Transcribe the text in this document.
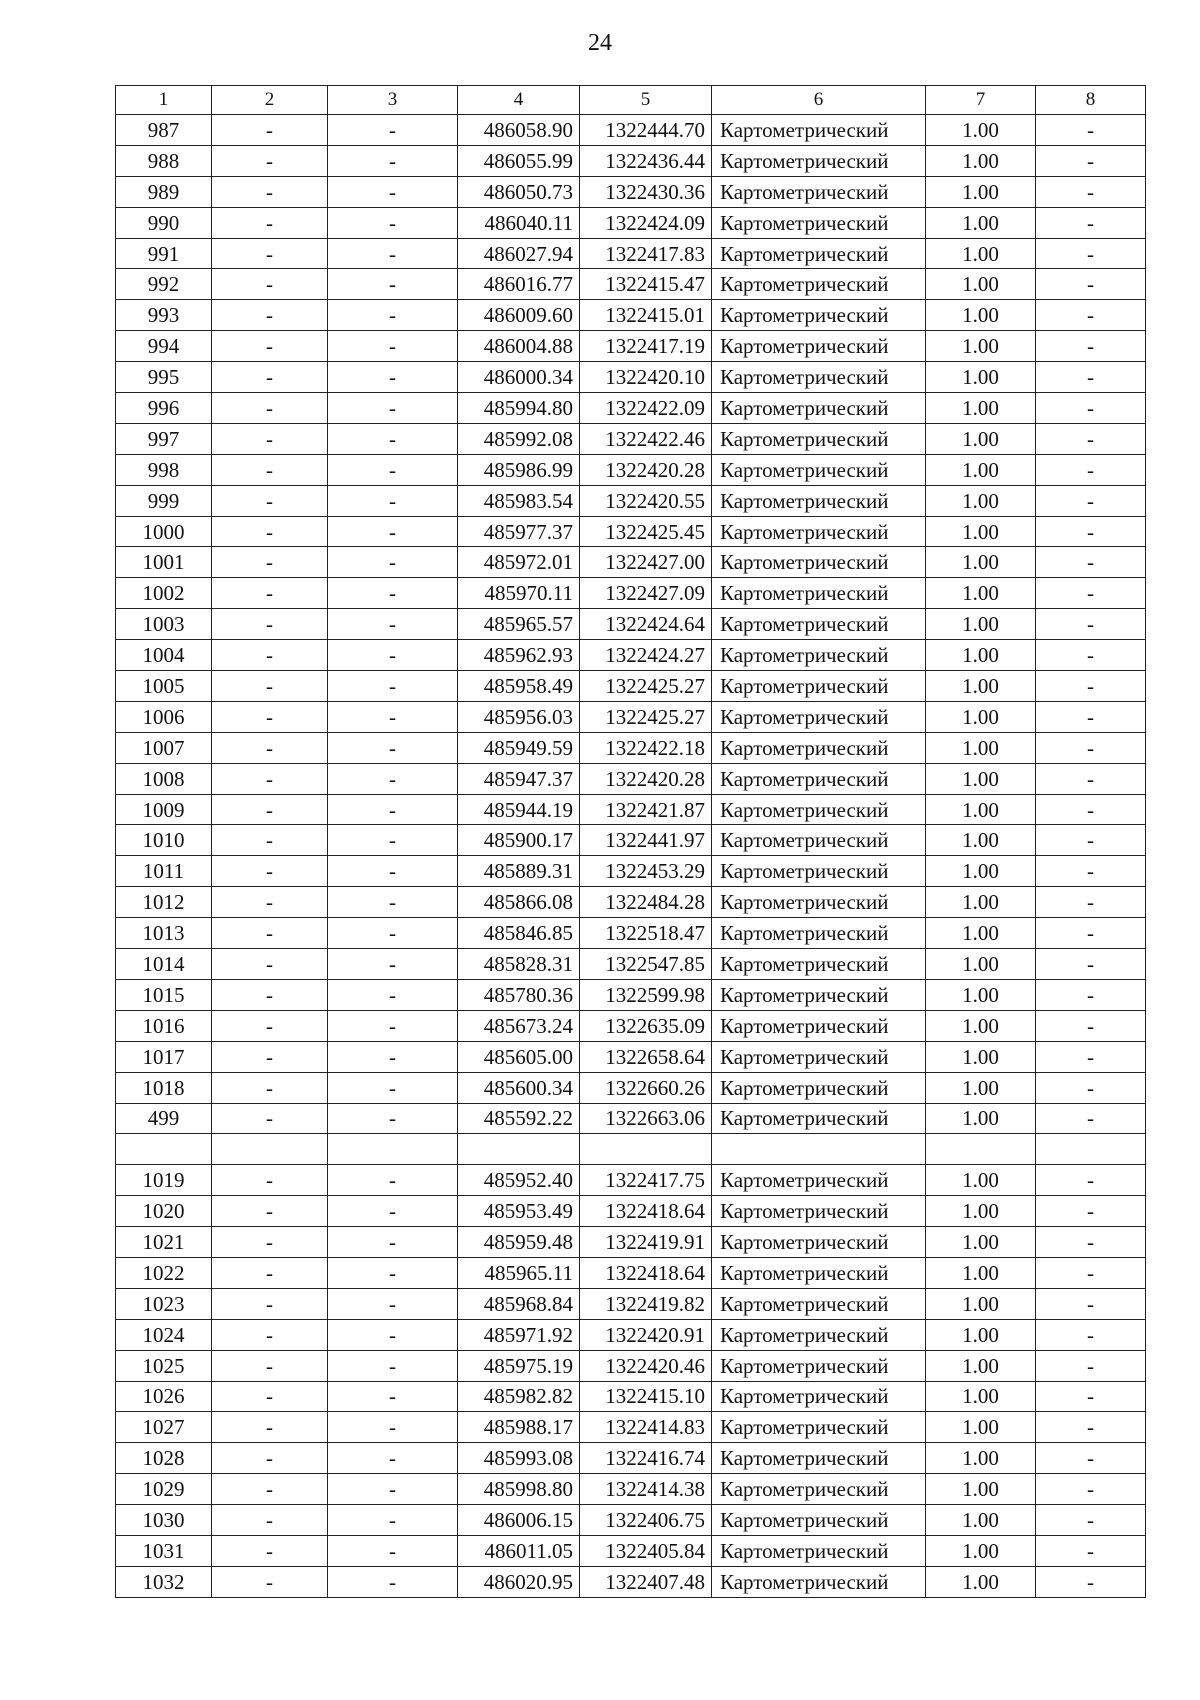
24
1	2	3	4	5	6	7	8
987	-	-	486058.90	1322444.70	Картометрический	1.00	-
988	-	-	486055.99	1322436.44	Картометрический	1.00	-
989	-	-	486050.73	1322430.36	Картометрический	1.00	-
990	-	-	486040.11	1322424.09	Картометрический	1.00	-
991	-	-	486027.94	1322417.83	Картометрический	1.00	-
992	-	-	486016.77	1322415.47	Картометрический	1.00	-
993	-	-	486009.60	1322415.01	Картометрический	1.00	-
994	-	-	486004.88	1322417.19	Картометрический	1.00	-
995	-	-	486000.34	1322420.10	Картометрический	1.00	-
996	-	-	485994.80	1322422.09	Картометрический	1.00	-
997	-	-	485992.08	1322422.46	Картометрический	1.00	-
998	-	-	485986.99	1322420.28	Картометрический	1.00	-
999	-	-	485983.54	1322420.55	Картометрический	1.00	-
1000	-	-	485977.37	1322425.45	Картометрический	1.00	-
1001	-	-	485972.01	1322427.00	Картометрический	1.00	-
1002	-	-	485970.11	1322427.09	Картометрический	1.00	-
1003	-	-	485965.57	1322424.64	Картометрический	1.00	-
1004	-	-	485962.93	1322424.27	Картометрический	1.00	-
1005	-	-	485958.49	1322425.27	Картометрический	1.00	-
1006	-	-	485956.03	1322425.27	Картометрический	1.00	-
1007	-	-	485949.59	1322422.18	Картометрический	1.00	-
1008	-	-	485947.37	1322420.28	Картометрический	1.00	-
1009	-	-	485944.19	1322421.87	Картометрический	1.00	-
1010	-	-	485900.17	1322441.97	Картометрический	1.00	-
1011	-	-	485889.31	1322453.29	Картометрический	1.00	-
1012	-	-	485866.08	1322484.28	Картометрический	1.00	-
1013	-	-	485846.85	1322518.47	Картометрический	1.00	-
1014	-	-	485828.31	1322547.85	Картометрический	1.00	-
1015	-	-	485780.36	1322599.98	Картометрический	1.00	-
1016	-	-	485673.24	1322635.09	Картометрический	1.00	-
1017	-	-	485605.00	1322658.64	Картометрический	1.00	-
1018	-	-	485600.34	1322660.26	Картометрический	1.00	-
499	-	-	485592.22	1322663.06	Картометрический	1.00	-

1019	-	-	485952.40	1322417.75	Картометрический	1.00	-
1020	-	-	485953.49	1322418.64	Картометрический	1.00	-
1021	-	-	485959.48	1322419.91	Картометрический	1.00	-
1022	-	-	485965.11	1322418.64	Картометрический	1.00	-
1023	-	-	485968.84	1322419.82	Картометрический	1.00	-
1024	-	-	485971.92	1322420.91	Картометрический	1.00	-
1025	-	-	485975.19	1322420.46	Картометрический	1.00	-
1026	-	-	485982.82	1322415.10	Картометрический	1.00	-
1027	-	-	485988.17	1322414.83	Картометрический	1.00	-
1028	-	-	485993.08	1322416.74	Картометрический	1.00	-
1029	-	-	485998.80	1322414.38	Картометрический	1.00	-
1030	-	-	486006.15	1322406.75	Картометрический	1.00	-
1031	-	-	486011.05	1322405.84	Картометрический	1.00	-
1032	-	-	486020.95	1322407.48	Картометрический	1.00	-
